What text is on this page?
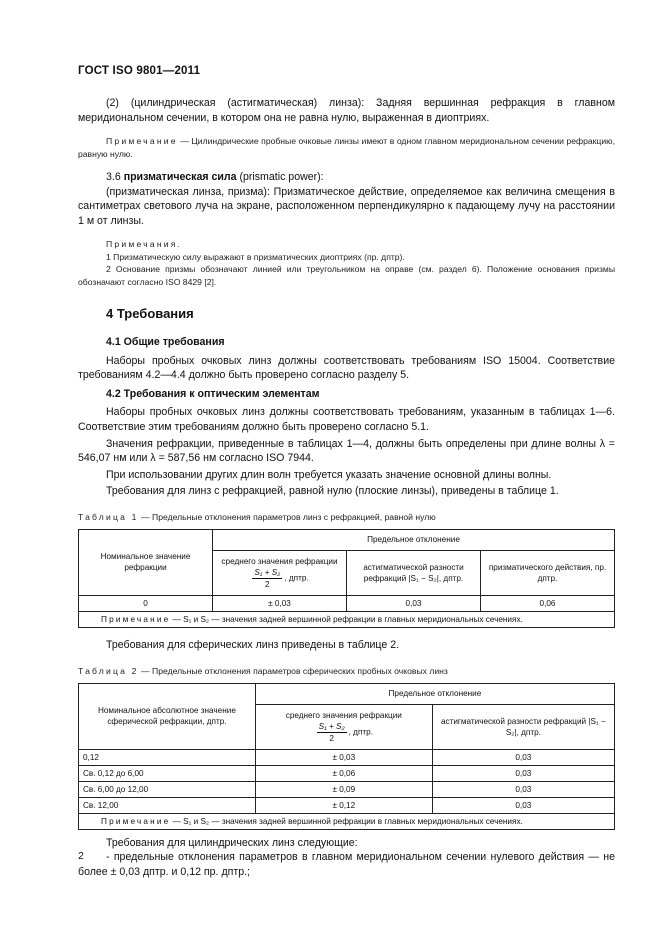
ГОСТ ISO 9801—2011

(2) (цилиндрическая (астигматическая) линза): Задняя вершинная рефракция в главном меридиональном сечении, в котором она не равна нулю, выраженная в диоптриях.

Примечание — Цилиндрические пробные очковые линзы имеют в одном главном меридиональном сечении рефракцию, равную нулю.

3.6 призматическая сила (prismatic power):

(призматическая линза, призма): Призматическое действие, определяемое как величина смещения в сантиметрах светового луча на экране, расположенном перпендикулярно к падающему лучу на расстоянии 1 м от линзы.

Примечания.

1 Призматическую силу выражают в призматических диоптриях (пр. дптр).

2 Основание призмы обозначают линией или треугольником на оправе (см. раздел 6). Положение основания призмы обозначают согласно ISO 8429 [2].

4 Требования

4.1 Общие требования

Наборы пробных очковых линз должны соответствовать требованиям ISO 15004. Соответствие требованиям 4.2—4.4 должно быть проверено согласно разделу 5.

4.2 Требования к оптическим элементам

Наборы пробных очковых линз должны соответствовать требованиям, указанным в таблицах 1—6. Соответствие этим требованиям должно быть проверено согласно 5.1.

Значения рефракции, приведенные в таблицах 1—4, должны быть определены при длине волны λ = 546,07 нм или λ = 587,56 нм согласно ISO 7944.

При использовании других длин волн требуется указать значение основной длины волны.

Требования для линз с рефракцией, равной нулю (плоские линзы), приведены в таблице 1.

Таблица 1 — Предельные отклонения параметров линз с рефракцией, равной нулю

Номинальное значение рефракции	Предельное отклонение		
	среднего значения рефракции

$\frac{\text{S₁ + S₂}}{2}$ , дптр.	астигматической разности рефракций |S₁ − S₂|, дптр.	призматического действия, пр. дптр.
0	± 0,03	0,03	0,06
Примечание — S₁ и S₂ — значения задней вершинной рефракции в главных меридиональных сечениях.			

Требования для сферических линз приведены в таблице 2.

Таблица 2 — Предельные отклонения параметров сферических пробных очковых линз

Номинальное абсолютное значение сферической рефракции, дптр.	Предельное отклонение	
	среднего значения рефракции

$\frac{\text{S₁ + S₂}}{2}$ , дптр.	астигматической разности рефракций |S₁ − S₂|, дптр.
0,12	± 0,03	0,03
Св. 0,12 до 6,00	± 0,06	0,03
Св. 6,00 до 12,00	± 0,09	0,03
Св. 12,00	± 0,12	0,03
Примечание — S₁ и S₂ — значения задней вершинной рефракции в главных меридиональных сечениях.		

Требования для цилиндрических линз следующие:

- предельные отклонения параметров в главном меридиональном сечении нулевого действия — не более ± 0,03 дптр. и 0,12 пр. дптр.;

2
